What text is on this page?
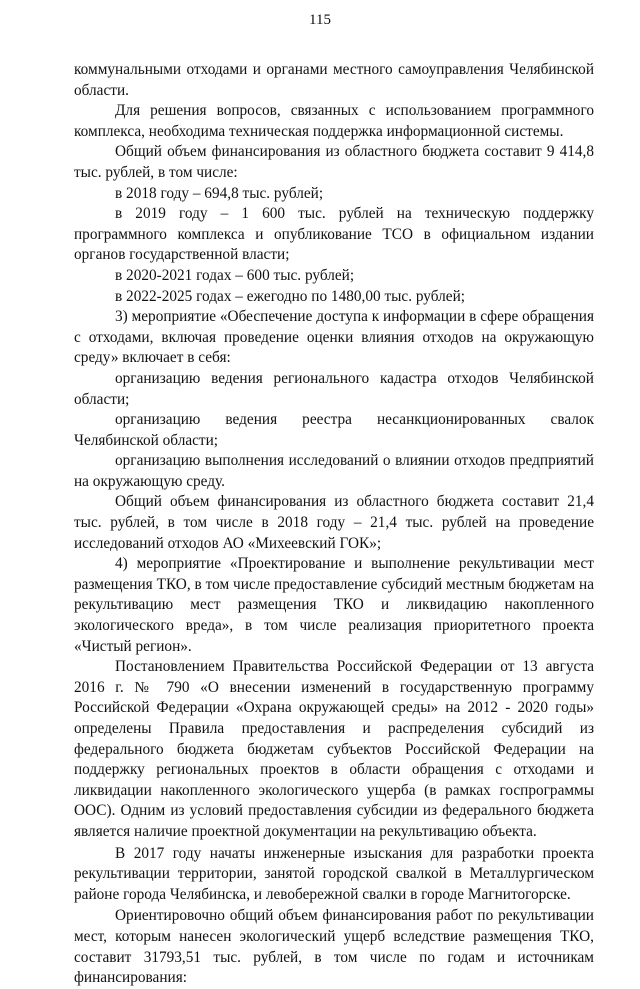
115

коммунальными отходами и органами местного самоуправления Челябинской области.

Для решения вопросов, связанных с использованием программного комплекса, необходима техническая поддержка информационной системы.

Общий объем финансирования из областного бюджета составит 9 414,8 тыс. рублей, в том числе:

в 2018 году – 694,8 тыс. рублей;

в 2019 году – 1 600 тыс. рублей на техническую поддержку программного комплекса и опубликование ТСО в официальном издании органов государственной власти;

в 2020-2021 годах – 600 тыс. рублей;

в 2022-2025 годах – ежегодно по 1480,00 тыс. рублей;

3) мероприятие «Обеспечение доступа к информации в сфере обращения с отходами, включая проведение оценки влияния отходов на окружающую среду» включает в себя:

организацию ведения регионального кадастра отходов Челябинской области;

организацию ведения реестра несанкционированных свалок Челябинской области;

организацию выполнения исследований о влиянии отходов предприятий на окружающую среду.

Общий объем финансирования из областного бюджета составит 21,4 тыс. рублей, в том числе в 2018 году – 21,4 тыс. рублей на проведение исследований отходов АО «Михеевский ГОК»;

4) мероприятие «Проектирование и выполнение рекультивации мест размещения ТКО, в том числе предоставление субсидий местным бюджетам на рекультивацию мест размещения ТКО и ликвидацию накопленного экологического вреда», в том числе реализация приоритетного проекта «Чистый регион».

Постановлением Правительства Российской Федерации от 13 августа 2016 г. № 790 «О внесении изменений в государственную программу Российской Федерации «Охрана окружающей среды» на 2012 - 2020 годы» определены Правила предоставления и распределения субсидий из федерального бюджета бюджетам субъектов Российской Федерации на поддержку региональных проектов в области обращения с отходами и ликвидации накопленного экологического ущерба (в рамках госпрограммы ООС). Одним из условий предоставления субсидии из федерального бюджета является наличие проектной документации на рекультивацию объекта.

В 2017 году начаты инженерные изыскания для разработки проекта рекультивации территории, занятой городской свалкой в Металлургическом районе города Челябинска, и левобережной свалки в городе Магнитогорске.

Ориентировочно общий объем финансирования работ по рекультивации мест, которым нанесен экологический ущерб вследствие размещения ТКО, составит 31793,51 тыс. рублей, в том числе по годам и источникам финансирования:
